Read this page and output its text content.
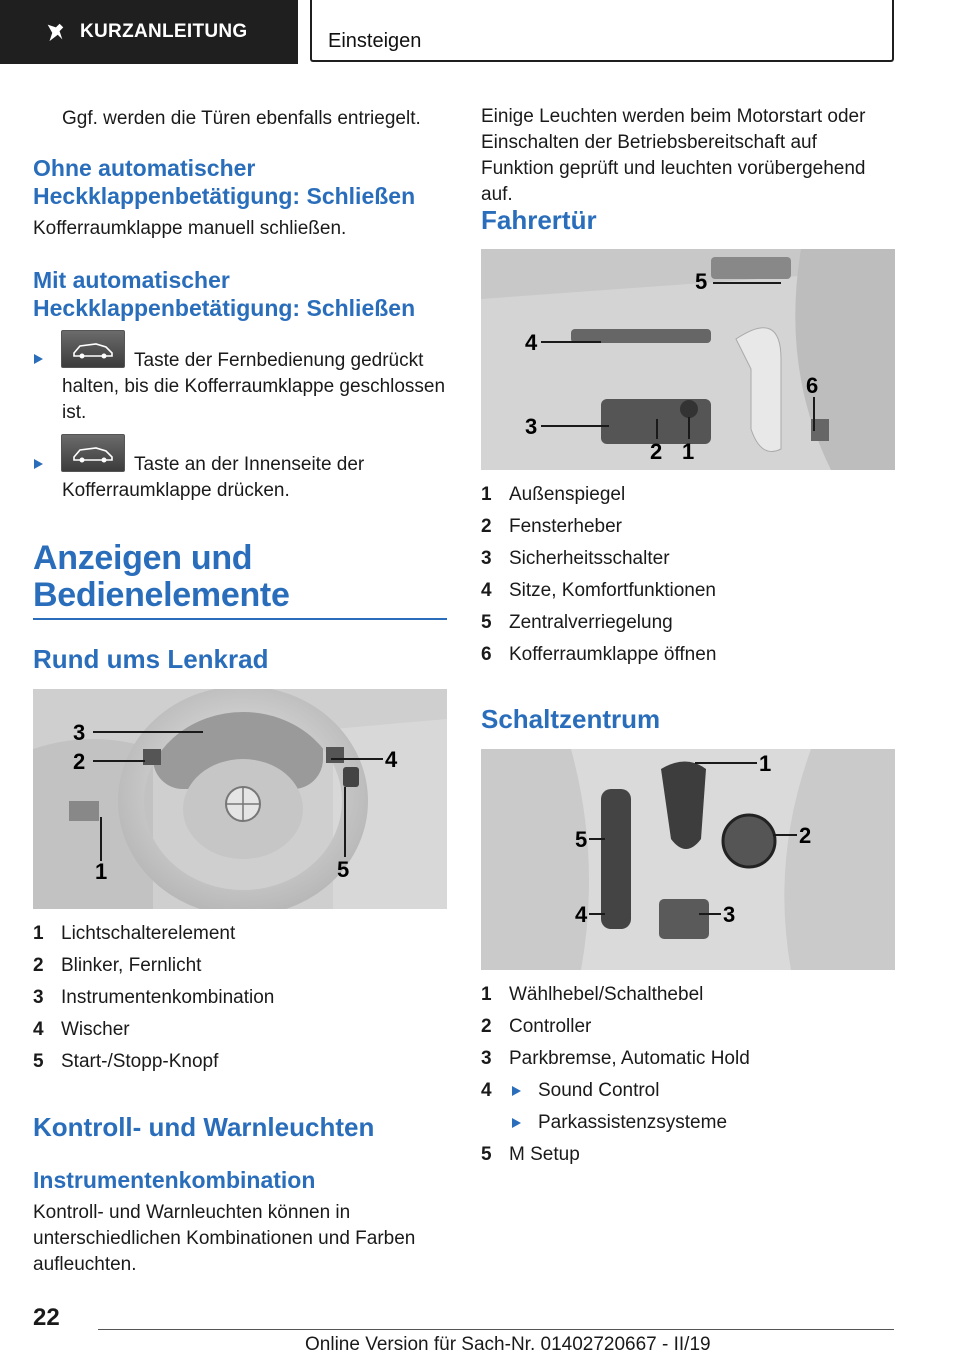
KURZANLEITUNG	Einsteigen

Ggf. werden die Türen ebenfalls entriegelt.

Ohne automatischer Heckklappenbetätigung: Schließen

Kofferraumklappe manuell schließen.

Mit automatischer Heckklappenbetätigung: Schließen

Taste der Fernbedienung gedrückt halten, bis die Kofferraumklappe geschlossen ist.

Taste an der Innenseite der Kofferraumklappe drücken.

Anzeigen und Bedienelemente

Rund ums Lenkrad

3
2	4
1	5
1 Lichtschalterelement
2 Blinker, Fernlicht
3 Instrumentenkombination
4 Wischer
5 Start-/Stopp-Knopf

Kontroll- und Warnleuchten

Instrumentenkombination

Kontroll- und Warnleuchten können in unterschiedlichen Kombinationen und Farben aufleuchten.

Einige Leuchten werden beim Motorstart oder Einschalten der Betriebsbereitschaft auf Funktion geprüft und leuchten vorübergehend auf.

Fahrertür

5
4
6
3
2 1
1 Außenspiegel
2 Fensterheber
3 Sicherheitsschalter
4 Sitze, Komfortfunktionen
5 Zentralverriegelung
6 Kofferraumklappe öffnen

Schaltzentrum

1
5	2
4	3
1 Wählhebel/Schalthebel
2 Controller
3 Parkbremse, Automatic Hold
4 Sound Control
Parkassistenzsysteme
5 M Setup
22
Online Version für Sach-Nr. 01402720667 - II/19
